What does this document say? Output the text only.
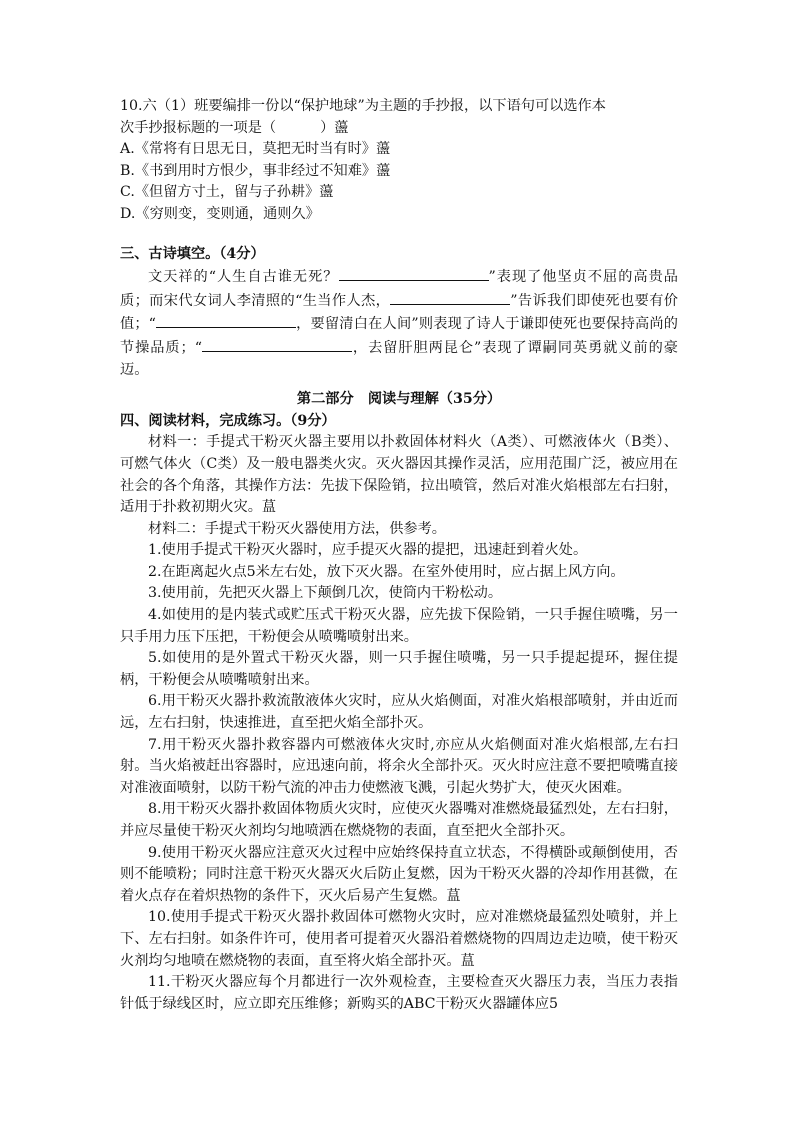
10.六（1）班要编排一份以“保护地球”为主题的手抄报，以下语句可以选作本
次手抄报标题的一项是（	）蘯

A.《常将有日思无日，莫把无时当有时》蘯

B.《书到用时方恨少，事非经过不知难》蘯

C.《但留方寸土，留与子孙耕》蘯

D.《穷则变，变则通，通则久》

三、古诗填空。（4分）

文天祥的“人生自古谁无死？	”表现了他坚贞不屈的高贵品质；而宋代女词人李清照的“生当作人杰，	”告诉我们即使死也要有价值；“	，要留清白在人间”则表现了诗人于谦即使死也要保持高尚的节操品质；“	，去留肝胆两昆仑”表现了谭嗣同英勇就义前的豪迈。

第二部分　阅读与理解（35分）

四、阅读材料，完成练习。（9分）

材料一：手提式干粉灭火器主要用以扑救固体材料火（A类）、可燃液体火（B类）、可燃气体火（C类）及一般电器类火灾。灭火器因其操作灵活，应用范围广泛，被应用在社会的各个角落，其操作方法：先拔下保险销，拉出喷管，然后对准火焰根部左右扫射，适用于扑救初期火灾。蒀

材料二：手提式干粉灭火器使用方法，供参考。

1.使用手提式干粉灭火器时，应手提灭火器的提把，迅速赶到着火处。

2.在距离起火点5米左右处，放下灭火器。在室外使用时，应占据上风方向。

3.使用前，先把灭火器上下颠倒几次，使筒内干粉松动。

4.如使用的是内装式或贮压式干粉灭火器，应先拔下保险销，一只手握住喷嘴，另一只手用力压下压把，干粉便会从喷嘴喷射出来。

5.如使用的是外置式干粉灭火器，则一只手握住喷嘴，另一只手提起提环，握住提柄，干粉便会从喷嘴喷射出来。

6.用干粉灭火器扑救流散液体火灾时，应从火焰侧面，对准火焰根部喷射，并由近而远，左右扫射，快速推进，直至把火焰全部扑灭。

7.用干粉灭火器扑救容器内可燃液体火灾时,亦应从火焰侧面对准火焰根部,左右扫射。当火焰被赶出容器时，应迅速向前，将余火全部扑灭。灭火时应注意不要把喷嘴直接对准液面喷射，以防干粉气流的冲击力使燃液飞溅，引起火势扩大，使灭火困难。

8.用干粉灭火器扑救固体物质火灾时，应使灭火器嘴对准燃烧最猛烈处，左右扫射，并应尽量使干粉灭火剂均匀地喷洒在燃烧物的表面，直至把火全部扑灭。

9.使用干粉灭火器应注意灭火过程中应始终保持直立状态，不得横卧或颠倒使用，否则不能喷粉；同时注意干粉灭火器灭火后防止复燃，因为干粉灭火器的冷却作用甚微，在着火点存在着炽热物的条件下，灭火后易产生复燃。蒀

10.使用手提式干粉灭火器扑救固体可燃物火灾时，应对准燃烧最猛烈处喷射，并上下、左右扫射。如条件许可，使用者可提着灭火器沿着燃烧物的四周边走边喷，使干粉灭火剂均匀地喷在燃烧物的表面，直至将火焰全部扑灭。蒀

11.干粉灭火器应每个月都进行一次外观检查，主要检查灭火器压力表，当压力表指针低于绿线区时，应立即充压维修；新购买的ABC干粉灭火器罐体应5
